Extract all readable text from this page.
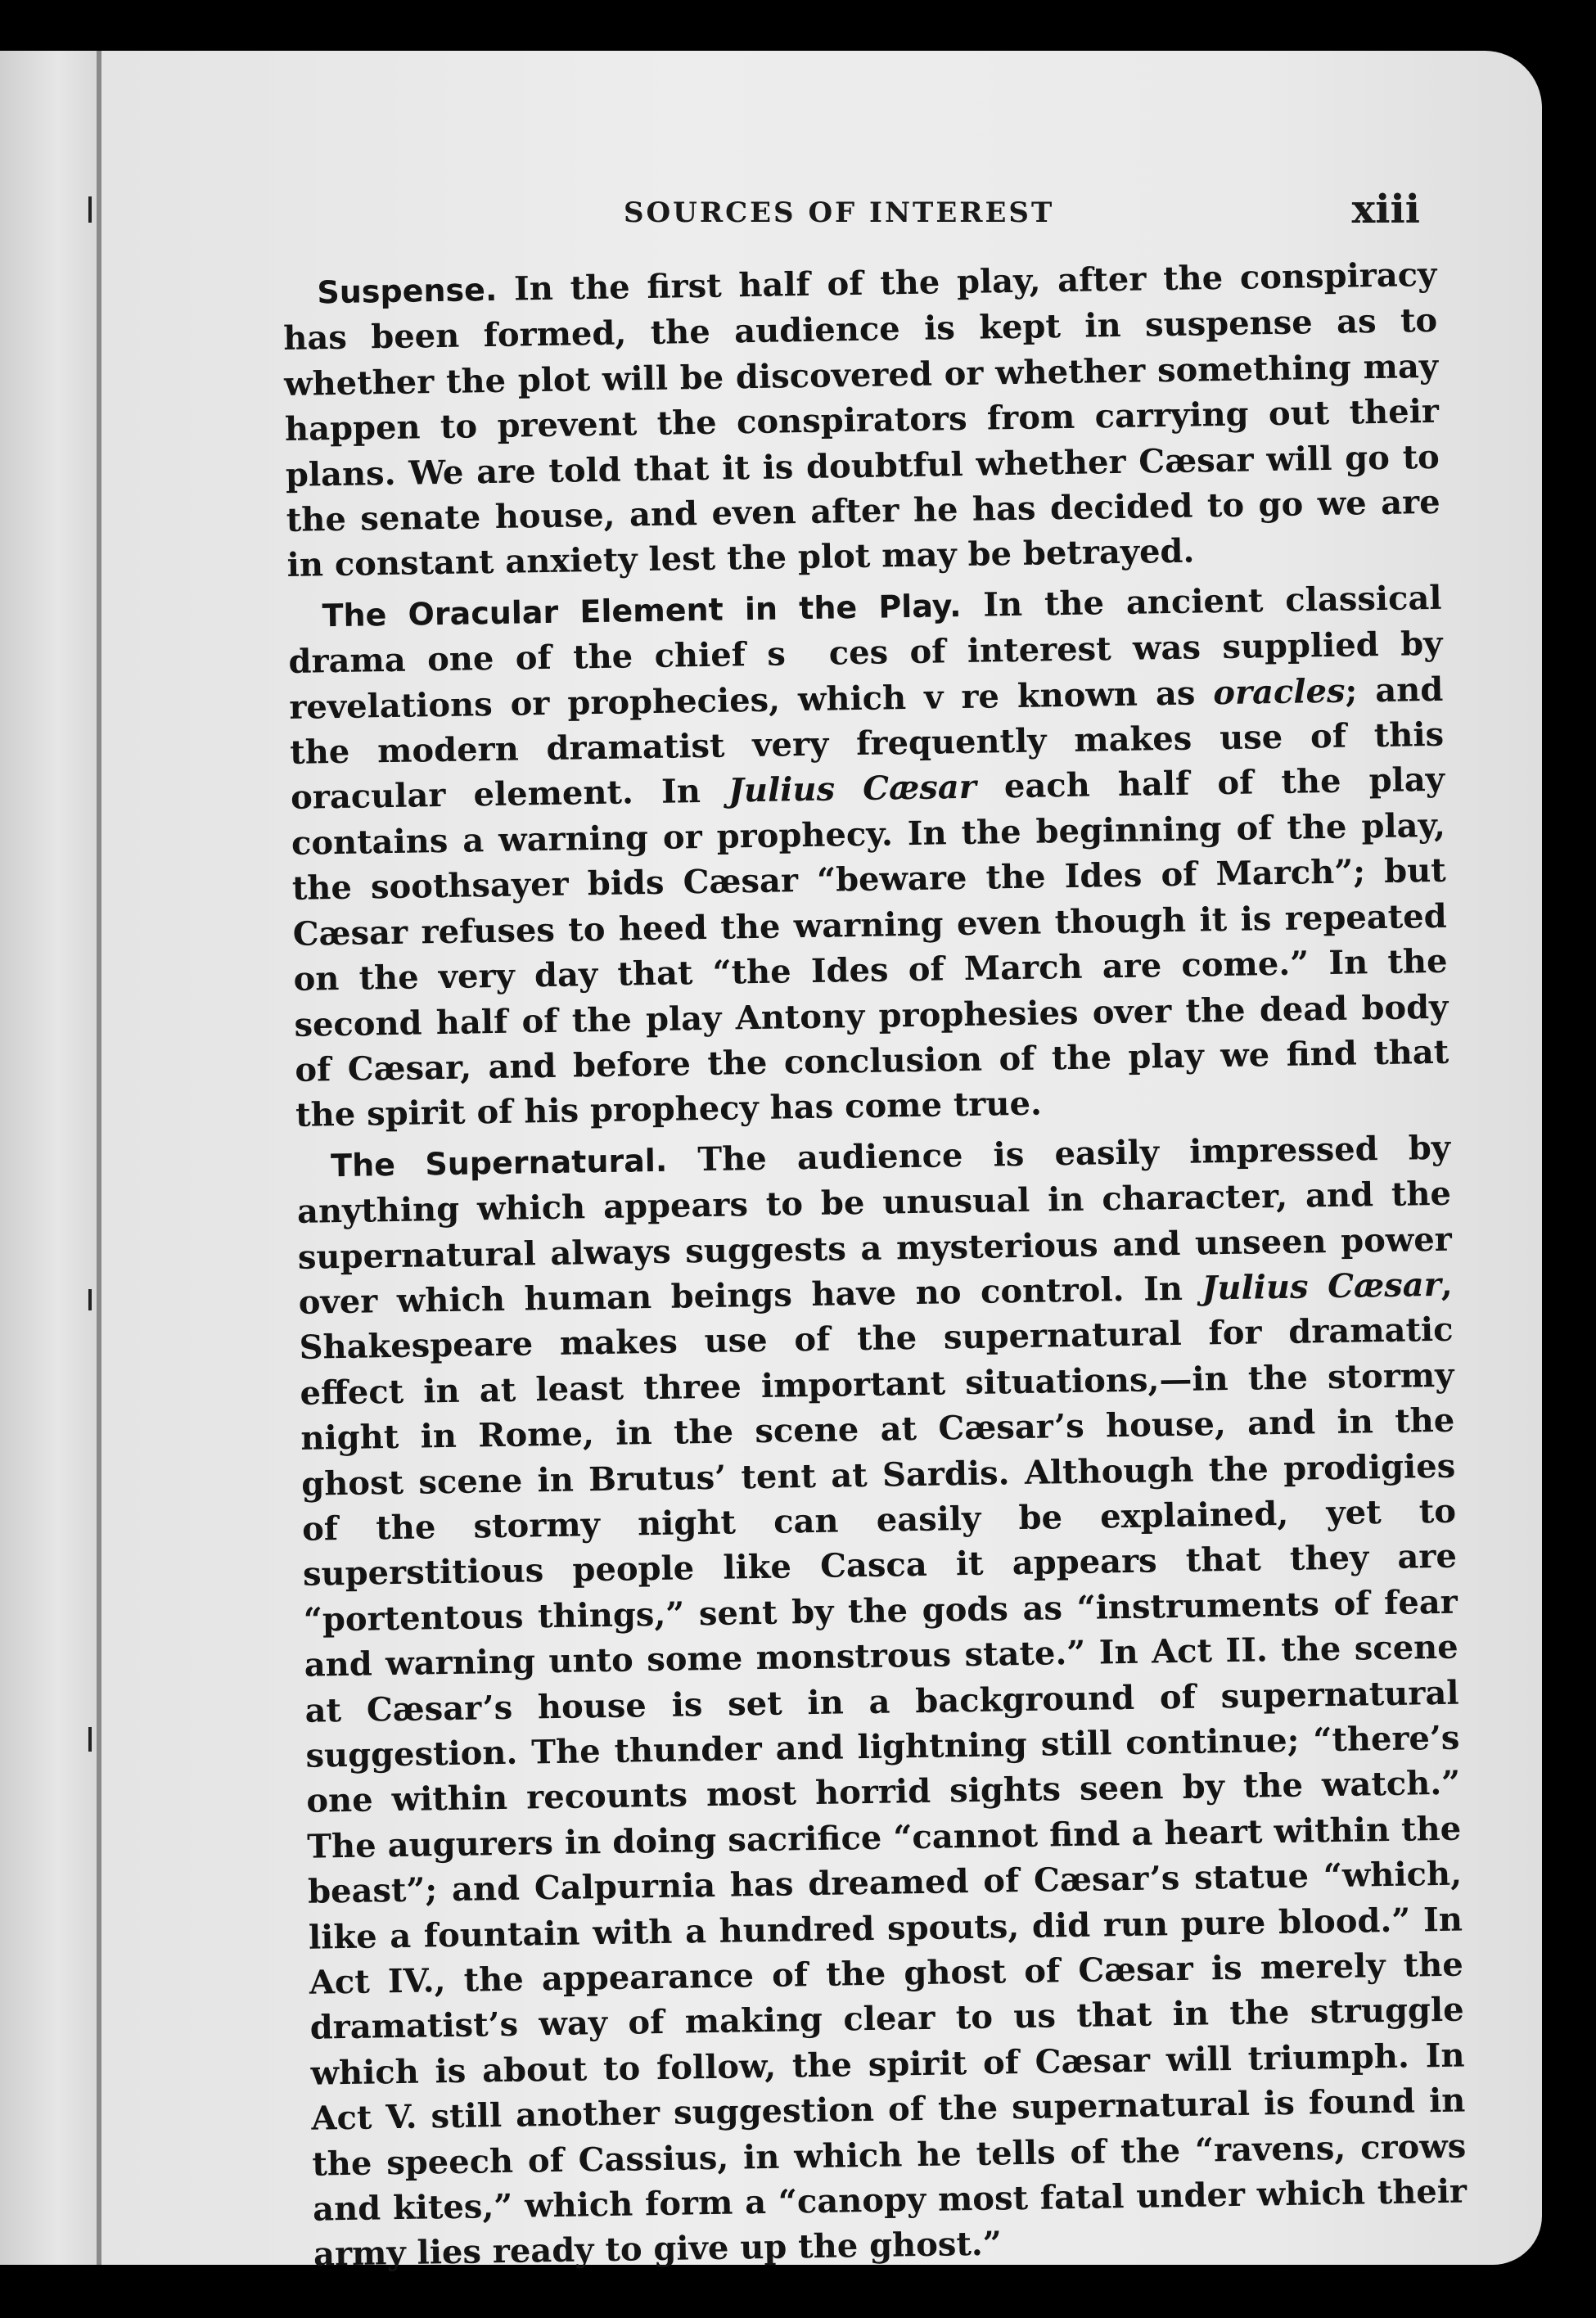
SOURCES OF INTEREST	xiii

Suspense. In the first half of the play, after the conspiracy has been formed, the audience is kept in suspense as to whether the plot will be discovered or whether something may happen to prevent the conspirators from carrying out their plans. We are told that it is doubtful whether Cæsar will go to the senate house, and even after he has decided to go we are in constant anxiety lest the plot may be betrayed.

The Oracular Element in the Play. In the ancient classical drama one of the chief s ces of interest was supplied by revelations or prophecies, which v re known as oracles; and the modern dramatist very frequently makes use of this oracular element. In Julius Cæsar each half of the play contains a warning or prophecy. In the beginning of the play, the soothsayer bids Cæsar “beware the Ides of March”; but Cæsar refuses to heed the warning even though it is repeated on the very day that “the Ides of March are come.” In the second half of the play Antony prophesies over the dead body of Cæsar, and before the conclusion of the play we find that the spirit of his prophecy has come true.

The Supernatural. The audience is easily impressed by anything which appears to be unusual in character, and the supernatural always suggests a mysterious and unseen power over which human beings have no control. In Julius Cæsar, Shakespeare makes use of the supernatural for dramatic effect in at least three important situations,—in the stormy night in Rome, in the scene at Cæsar’s house, and in the ghost scene in Brutus’ tent at Sardis. Although the prodigies of the stormy night can easily be explained, yet to superstitious people like Casca it appears that they are “portentous things,” sent by the gods as “instruments of fear and warning unto some monstrous state.” In Act II. the scene at Cæsar’s house is set in a background of supernatural suggestion. The thunder and lightning still continue; “there’s one within recounts most horrid sights seen by the watch.” The augurers in doing sacrifice “cannot find a heart within the beast”; and Calpurnia has dreamed of Cæsar’s statue “which, like a fountain with a hundred spouts, did run pure blood.” In Act IV., the appearance of the ghost of Cæsar is merely the dramatist’s way of making clear to us that in the struggle which is about to follow, the spirit of Cæsar will triumph. In Act V. still another suggestion of the supernatural is found in the speech of Cassius, in which he tells of the “ravens, crows and kites,” which form a “canopy most fatal under which their army lies ready to give up the ghost.”
